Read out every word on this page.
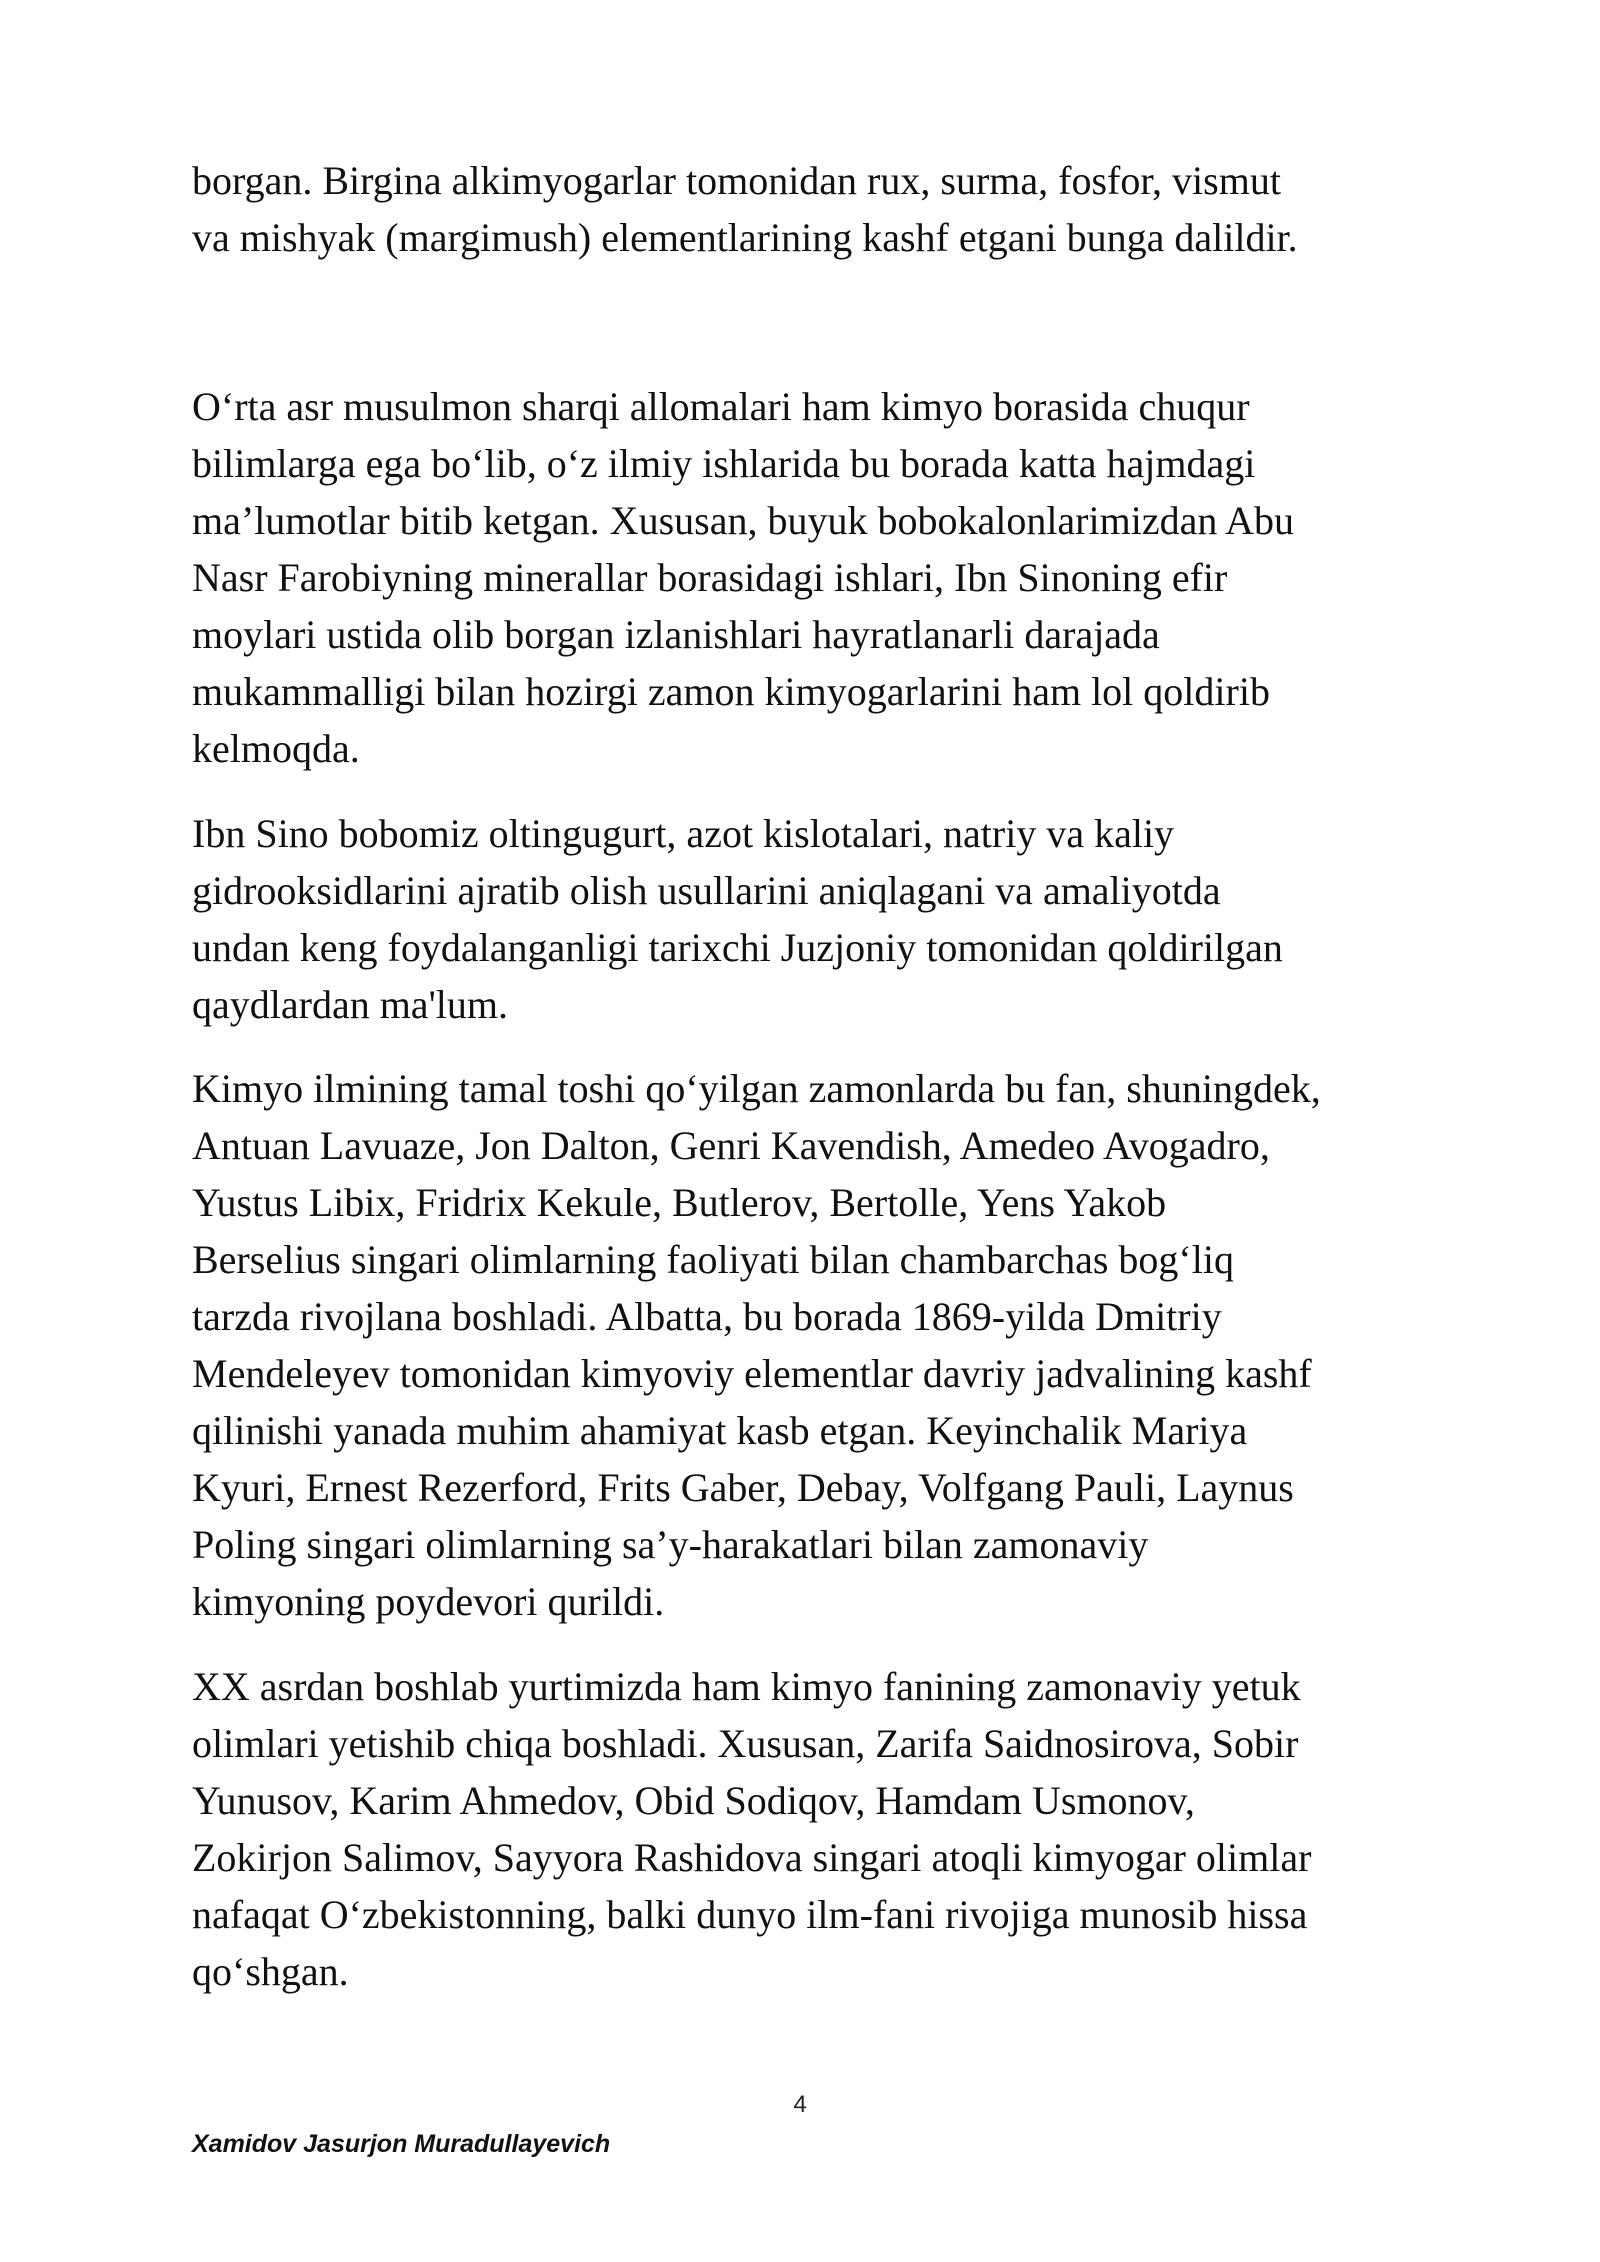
borgan. Birgina alkimyogarlar tomonidan rux, surma, fosfor, vismut
va mishyak (margimush) elementlarining kashf etgani bunga dalildir.

O‘rta asr musulmon sharqi allomalari ham kimyo borasida chuqur
bilimlarga ega bo‘lib, o‘z ilmiy ishlarida bu borada katta hajmdagi
ma’lumotlar bitib ketgan. Xususan, buyuk bobokalonlarimizdan Abu
Nasr Farobiyning minerallar borasidagi ishlari, Ibn Sinoning efir
moylari ustida olib borgan izlanishlari hayratlanarli darajada
mukammalligi bilan hozirgi zamon kimyogarlarini ham lol qoldirib
kelmoqda.

Ibn Sino bobomiz oltingugurt, azot kislotalari, natriy va kaliy
gidrooksidlarini ajratib olish usullarini aniqlagani va amaliyotda
undan keng foydalanganligi tarixchi Juzjoniy tomonidan qoldirilgan
qaydlardan ma'lum.

Kimyo ilmining tamal toshi qo‘yilgan zamonlarda bu fan, shuningdek,
Antuan Lavuaze, Jon Dalton, Genri Kavendish, Amedeo Avogadro,
Yustus Libix, Fridrix Kekule, Butlerov, Bertolle, Yens Yakob
Berselius singari olimlarning faoliyati bilan chambarchas bog‘liq
tarzda rivojlana boshladi. Albatta, bu borada 1869-yilda Dmitriy
Mendeleyev tomonidan kimyoviy elementlar davriy jadvalining kashf
qilinishi yanada muhim ahamiyat kasb etgan. Keyinchalik Mariya
Kyuri, Ernest Rezerford, Frits Gaber, Debay, Volfgang Pauli, Laynus
Poling singari olimlarning sa’y-harakatlari bilan zamonaviy
kimyoning poydevori qurildi.

XX asrdan boshlab yurtimizda ham kimyo fanining zamonaviy yetuk
olimlari yetishib chiqa boshladi. Xususan, Zarifa Saidnosirova, Sobir
Yunusov, Karim Ahmedov, Obid Sodiqov, Hamdam Usmonov,
Zokirjon Salimov, Sayyora Rashidova singari atoqli kimyogar olimlar
nafaqat O‘zbekistonning, balki dunyo ilm-fani rivojiga munosib hissa
qo‘shgan.

4
Xamidov Jasurjon Muradullayevich
